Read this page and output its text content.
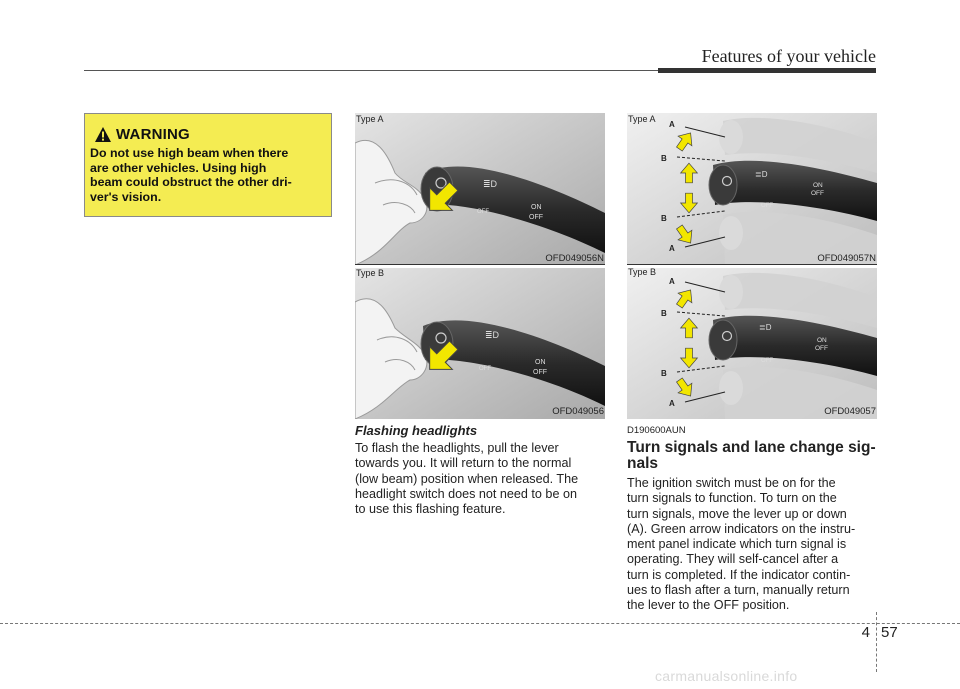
Features of your vehicle
WARNING
Do not use high beam when there
are other vehicles. Using high
beam could obstruct the other dri-
ver's vision.
≣D
OFF
ON
OFF
Type A
OFD049056N
≣D
OFF
ON
OFF
Type B
OFD049056
≣D
OFF
ON
OFF
A
B
B
A
Type A
OFD049057N
≣D
OFF
ON
OFF
A
B
B
A
Type B
OFD049057
Flashing headlights
To flash the headlights, pull the lever
towards you. It will return to the normal
(low beam) position when released. The
headlight switch does not need to be on
to use this flashing feature.
D190600AUN
Turn signals and lane change sig-
nals
The ignition switch must be on for the
turn signals to function. To turn on the
turn signals, move the lever up or down
(A). Green arrow indicators on the instru-
ment panel indicate which turn signal is
operating. They will self-cancel after a
turn is completed. If the indicator contin-
ues to flash after a turn, manually return
the lever to the OFF position.
4 57
carmanualsonline.info
